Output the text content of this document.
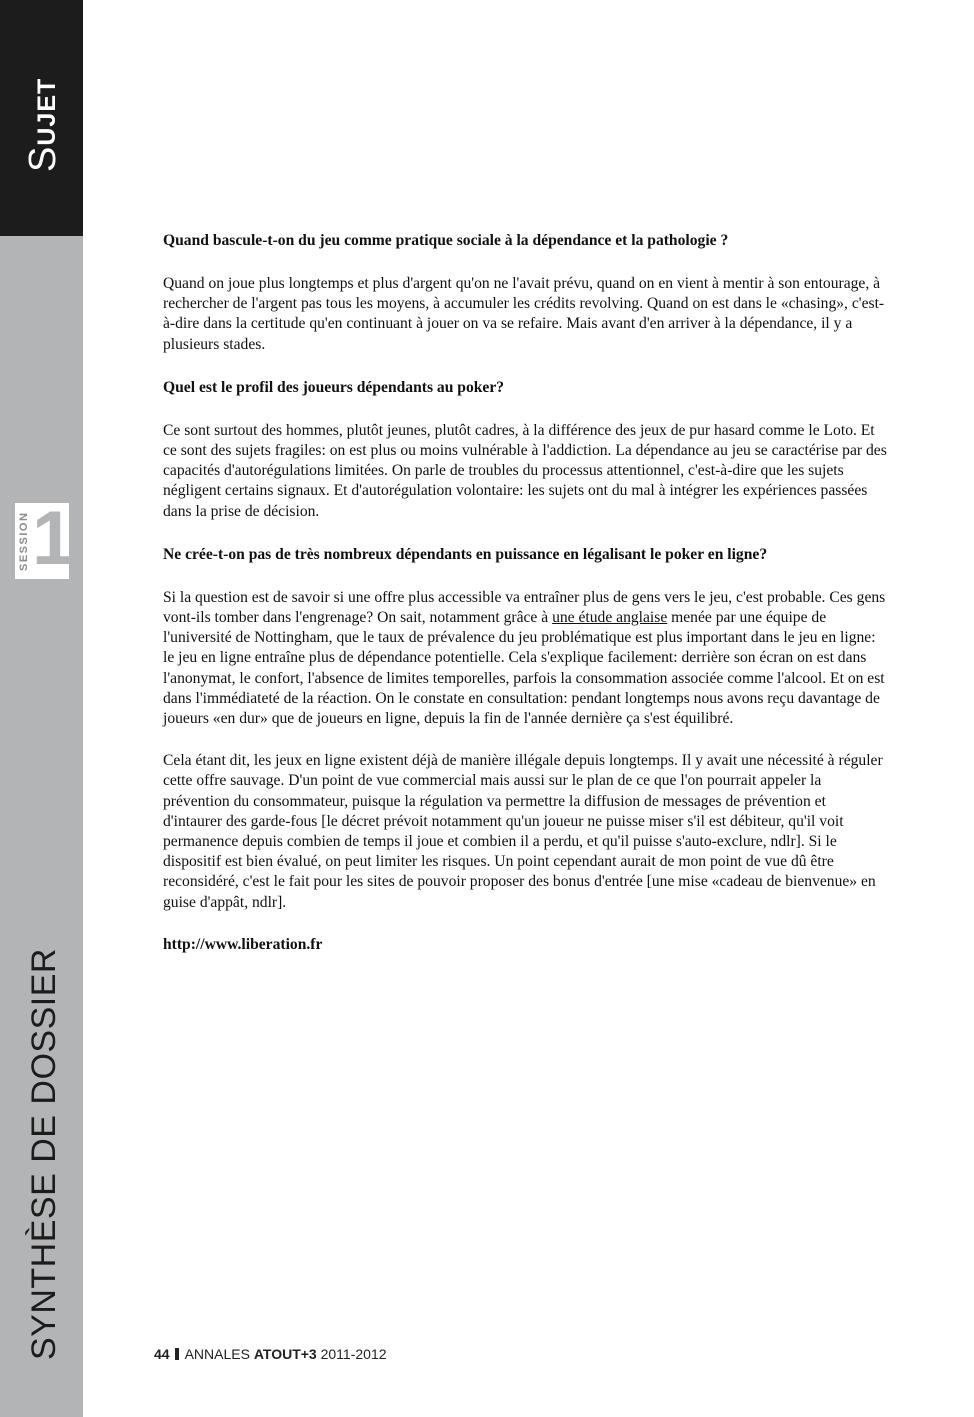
SUJET
SESSION 1
SYNTHÈSE DE DOSSIER
Quand bascule-t-on du jeu comme pratique sociale à la dépendance et la pathologie ?

Quand on joue plus longtemps et plus d'argent qu'on ne l'avait prévu, quand on en vient à mentir à son entourage, à rechercher de l'argent pas tous les moyens, à accumuler les crédits revolving. Quand on est dans le «chasing», c'est-à-dire dans la certitude qu'en continuant à jouer on va se refaire. Mais avant d'en arriver à la dépendance, il y a plusieurs stades.

Quel est le profil des joueurs dépendants au poker?

Ce sont surtout des hommes, plutôt jeunes, plutôt cadres, à la différence des jeux de pur hasard comme le Loto. Et ce sont des sujets fragiles: on est plus ou moins vulnérable à l'addiction. La dépendance au jeu se caractérise par des capacités d'autorégulations limitées. On parle de troubles du processus attentionnel, c'est-à-dire que les sujets négligent certains signaux. Et d'autorégulation volontaire: les sujets ont du mal à intégrer les expériences passées dans la prise de décision.

Ne crée-t-on pas de très nombreux dépendants en puissance en légalisant le poker en ligne?

Si la question est de savoir si une offre plus accessible va entraîner plus de gens vers le jeu, c'est probable. Ces gens vont-ils tomber dans l'engrenage? On sait, notamment grâce à une étude anglaise menée par une équipe de l'université de Nottingham, que le taux de prévalence du jeu problématique est plus important dans le jeu en ligne: le jeu en ligne entraîne plus de dépendance potentielle. Cela s'explique facilement: derrière son écran on est dans l'anonymat, le confort, l'absence de limites temporelles, parfois la consommation associée comme l'alcool. Et on est dans l'immédiateté de la réaction. On le constate en consultation: pendant longtemps nous avons reçu davantage de joueurs «en dur» que de joueurs en ligne, depuis la fin de l'année dernière ça s'est équilibré.

Cela étant dit, les jeux en ligne existent déjà de manière illégale depuis longtemps. Il y avait une nécessité à réguler cette offre sauvage. D'un point de vue commercial mais aussi sur le plan de ce que l'on pourrait appeler la prévention du consommateur, puisque la régulation va permettre la diffusion de messages de prévention et d'intaurer des garde-fous [le décret prévoit notamment qu'un joueur ne puisse miser s'il est débiteur, qu'il voit permanence depuis combien de temps il joue et combien il a perdu, et qu'il puisse s'auto-exclure, ndlr]. Si le dispositif est bien évalué, on peut limiter les risques. Un point cependant aurait de mon point de vue dû être reconsidéré, c'est le fait pour les sites de pouvoir proposer des bonus d'entrée [une mise «cadeau de bienvenue» en guise d'appât, ndlr].

http://www.liberation.fr

44 ANNALES ATOUT+3 2011-2012
